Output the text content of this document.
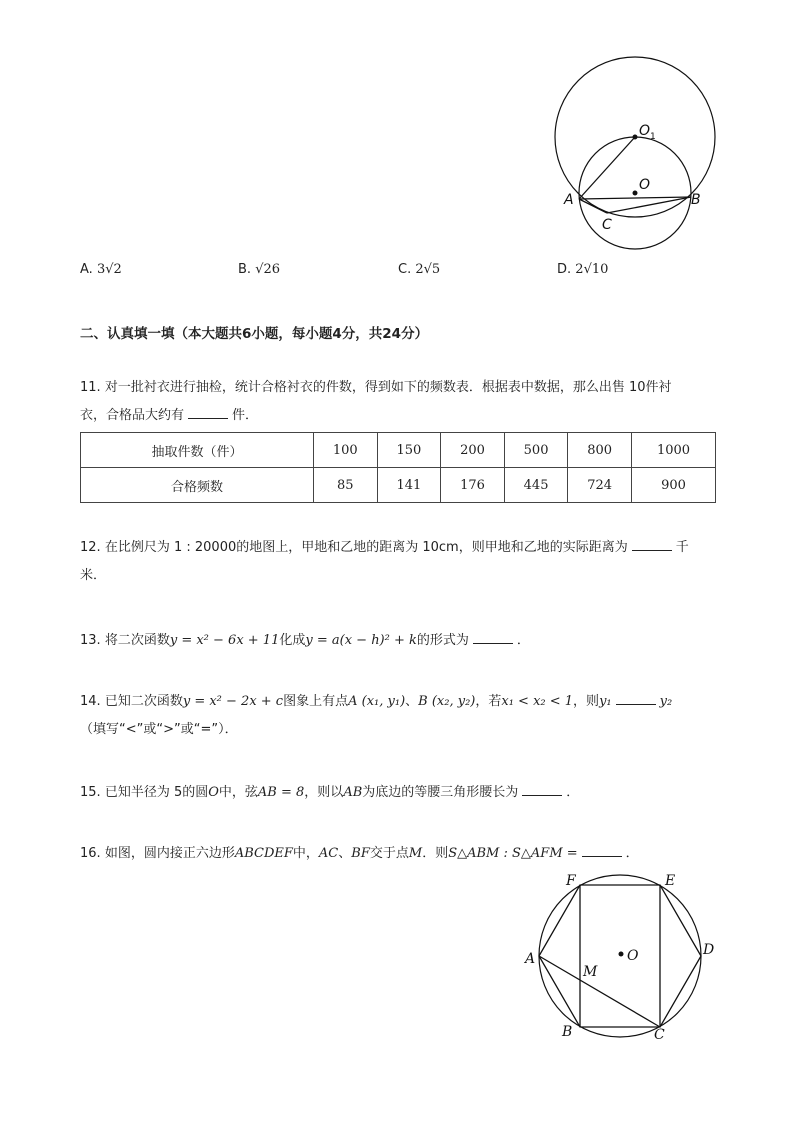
O 1
O
A	B
C
A. 3√2	B. √26	C. 2√5	D. 2√10
二、认真填一填（本大题共6小题，每小题4分，共24分）
11. 对一批衬衣进行抽检，统计合格衬衣的件数，得到如下的频数表．根据表中数据，那么出售 10件衬
衣，合格品大约有	件．
抽取件数（件）	100	150	200	500	800	1000
合格频数	85	141	176	445	724	900
12. 在比例尺为 1 : 20000的地图上，甲地和乙地的距离为 10cm，则甲地和乙地的实际距离为	千
米．
13. 将二次函数y = x² − 6x + 11化成y = a(x − h)² + k的形式为	．
14. 已知二次函数y = x² − 2x + c图象上有点A (x₁, y₁)、B (x₂, y₂)，若x₁ < x₂ < 1，则y₁	y₂
（填写“<”或“>”或“=”）．
15. 已知半径为 5的圆O中，弦AB = 8，则以AB为底边的等腰三角形腰长为	．
16. 如图，圆内接正六边形ABCDEF中，AC、BF交于点M．则S△ABM : S△AFM =	．
F	E
A
D
B	C
M
O
